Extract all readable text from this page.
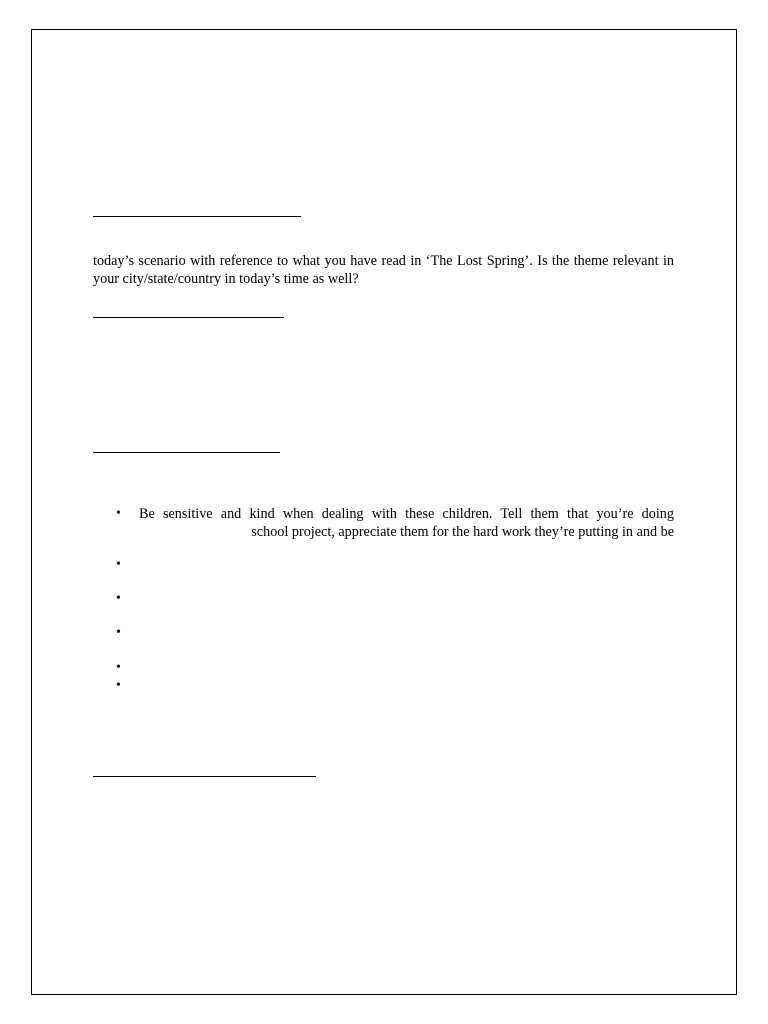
today’s scenario with reference to what you have read in ‘The Lost Spring’. Is the theme relevant in your city/state/country in today’s time as well?

• Be sensitive and kind when dealing with these children. Tell them that you’re doing
school project, appreciate them for the hard work they’re putting in and be

•
•
•
•
•
